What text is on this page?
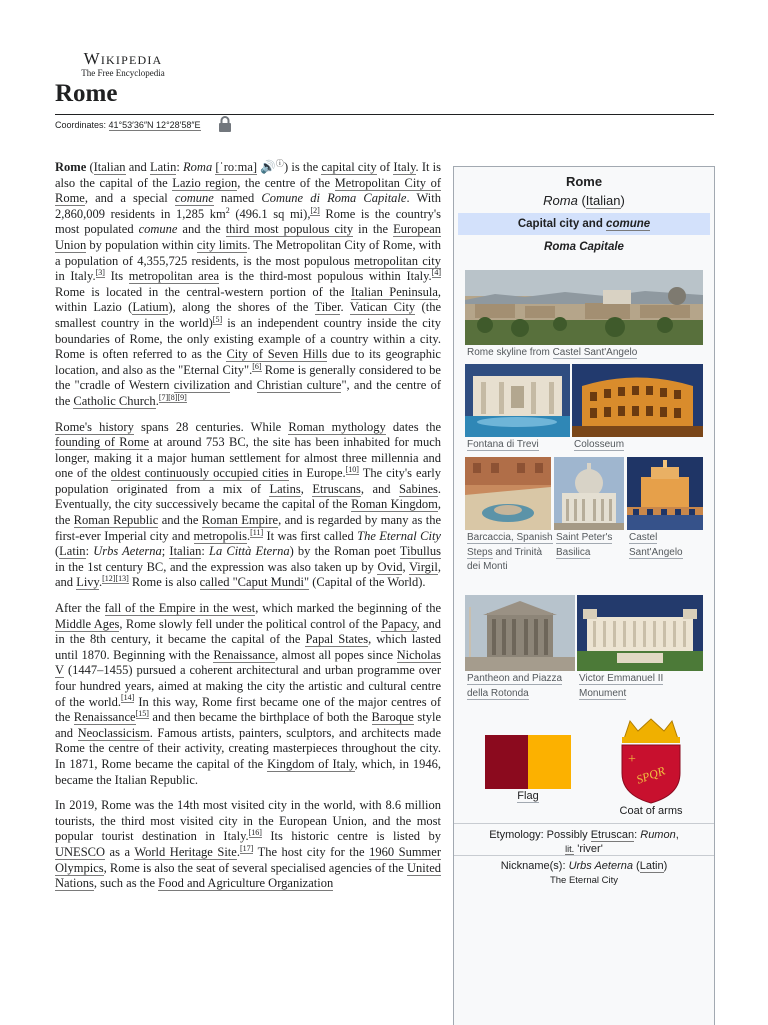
Wikipedia
The Free Encyclopedia
Rome
Coordinates: 41°53′36″N 12°28′58″E

Rome (Italian and Latin: Roma [ˈroːma] 🔊ⓘ) is the capital city of Italy. It is also the capital of the Lazio region, the centre of the Metropolitan City of Rome, and a special comune named Comune di Roma Capitale. With 2,860,009 residents in 1,285 $km^2$ (496.1 sq mi),[2] Rome is the country's most populated comune and the third most populous city in the European Union by population within city limits. The Metropolitan City of Rome, with a population of 4,355,725 residents, is the most populous metropolitan city in Italy.[3] Its metropolitan area is the third-most populous within Italy.[4] Rome is located in the central-western portion of the Italian Peninsula, within Lazio (Latium), along the shores of the Tiber. Vatican City (the smallest country in the world)[5] is an independent country inside the city boundaries of Rome, the only existing example of a country within a city. Rome is often referred to as the City of Seven Hills due to its geographic location, and also as the "Eternal City".[6] Rome is generally considered to be the "cradle of Western civilization and Christian culture", and the centre of the Catholic Church.[7][8][9]

Rome's history spans 28 centuries. While Roman mythology dates the founding of Rome at around 753 BC, the site has been inhabited for much longer, making it a major human settlement for almost three millennia and one of the oldest continuously occupied cities in Europe.[10] The city's early population originated from a mix of Latins, Etruscans, and Sabines. Eventually, the city successively became the capital of the Roman Kingdom, the Roman Republic and the Roman Empire, and is regarded by many as the first-ever Imperial city and metropolis.[11] It was first called The Eternal City (Latin: Urbs Aeterna; Italian: La Città Eterna) by the Roman poet Tibullus in the 1st century BC, and the expression was also taken up by Ovid, Virgil, and Livy.[12][13] Rome is also called "Caput Mundi" (Capital of the World).

After the fall of the Empire in the west, which marked the beginning of the Middle Ages, Rome slowly fell under the political control of the Papacy, and in the 8th century, it became the capital of the Papal States, which lasted until 1870. Beginning with the Renaissance, almost all popes since Nicholas V (1447–1455) pursued a coherent architectural and urban programme over four hundred years, aimed at making the city the artistic and cultural centre of the world.[14] In this way, Rome first became one of the major centres of the Renaissance[15] and then became the birthplace of both the Baroque style and Neoclassicism. Famous artists, painters, sculptors, and architects made Rome the centre of their activity, creating masterpieces throughout the city. In 1871, Rome became the capital of the Kingdom of Italy, which, in 1946, became the Italian Republic.

In 2019, Rome was the 14th most visited city in the world, with 8.6 million tourists, the third most visited city in the European Union, and the most popular tourist destination in Italy.[16] Its historic centre is listed by UNESCO as a World Heritage Site.[17] The host city for the 1960 Summer Olympics, Rome is also the seat of several specialised agencies of the United Nations, such as the Food and Agriculture Organization

Rome
Roma (Italian)
Capital city and comune
Roma Capitale
Rome skyline from Castel Sant'Angelo
Fontana di Trevi	Colosseum
Barcaccia, Spanish Steps and Trinità dei Monti
Saint Peter's Basilica
Castel Sant'Angelo
Pantheon and Piazza della Rotonda
Victor Emmanuel II Monument
Flag
+
SPQR
Coat of arms
Etymology: Possibly Etruscan: Rumon,
lit. 'river'
Nickname(s): Urbs Aeterna (Latin)
The Eternal City
